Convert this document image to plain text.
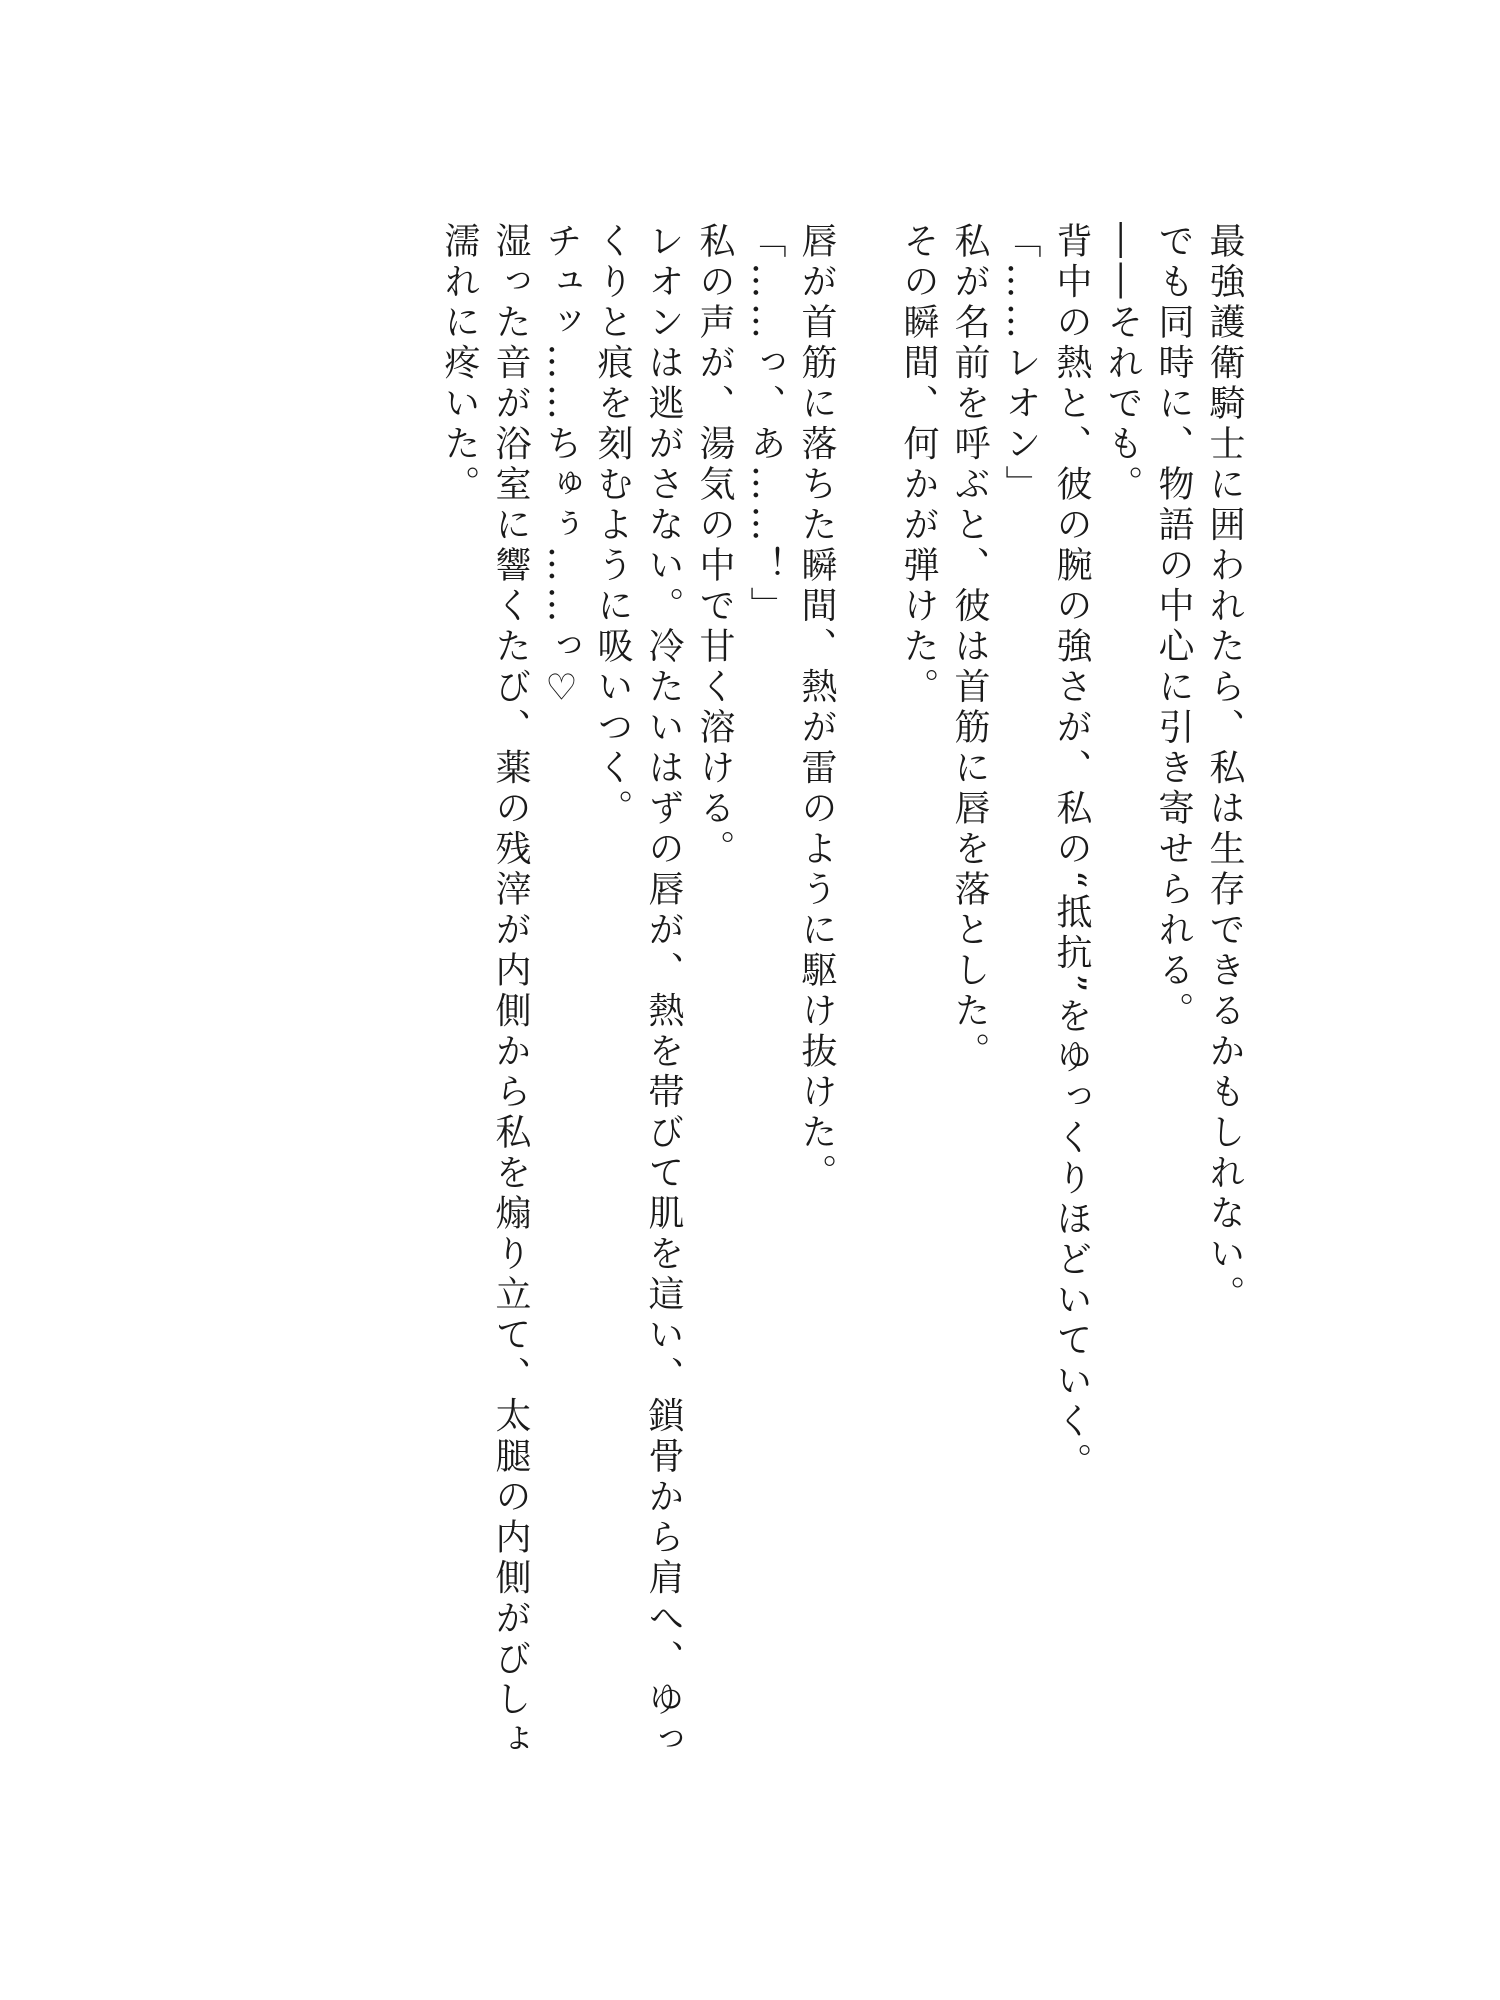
最強護衛騎士に囲われたら、私は生存できるかもしれない。
でも同時に、物語の中心に引き寄せられる。
――それでも。
背中の熱と、彼の腕の強さが、私の“抵抗”をゆっくりほどいていく。
「……レオン」
私が名前を呼ぶと、彼は首筋に唇を落とした。
その瞬間、何かが弾けた。
唇が首筋に落ちた瞬間、熱が雷のように駆け抜けた。
「……っ、あ……！」
私の声が、湯気の中で甘く溶ける。
レオンは逃がさない。冷たいはずの唇が、熱を帯びて肌を這い、鎖骨から肩へ、ゆっくりと痕を刻むように吸いつく。
チュッ……ちゅぅ……っ♡
湿った音が浴室に響くたび、薬の残滓が内側から私を煽り立て、太腿の内側がびしょ濡れに疼いた。
